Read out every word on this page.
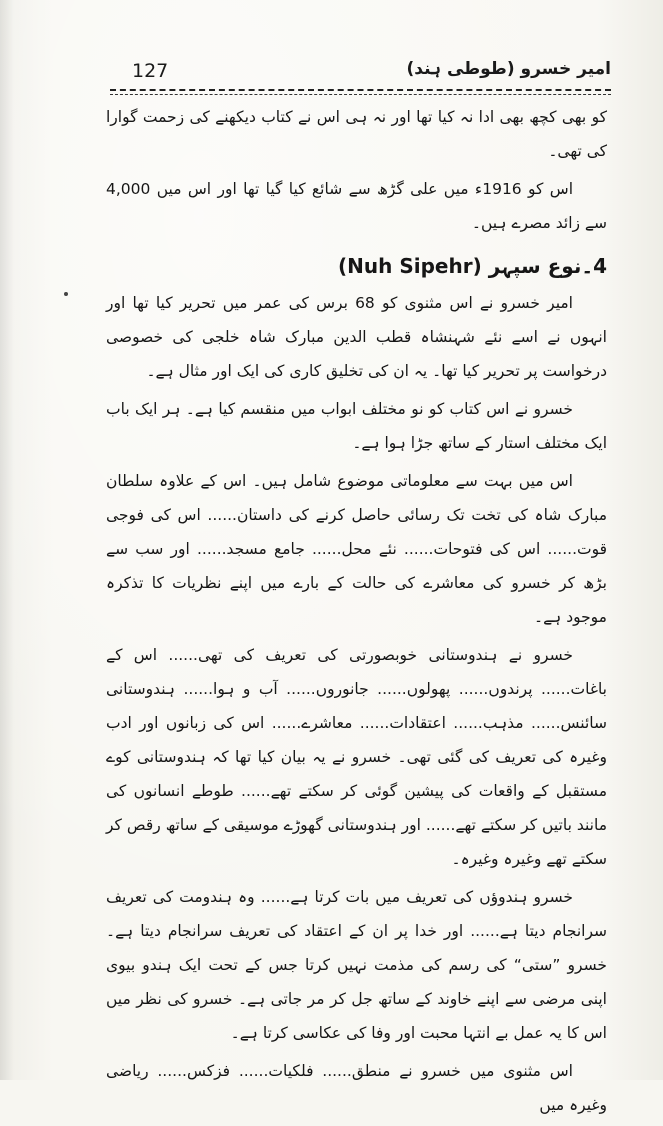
127	امیر خسرو (طوطی ہند)

کو بھی کچھ بھی ادا نہ کیا تھا اور نہ ہی اس نے کتاب دیکھنے کی زحمت گوارا کی تھی۔

اس کو 1916ء میں علی گڑھ سے شائع کیا گیا تھا اور اس میں 4,000 سے زائد مصرے ہیں۔

4۔نوع سپہر (Nuh Sipehr)

امیر خسرو نے اس مثنوی کو 68 برس کی عمر میں تحریر کیا تھا اور انہوں نے اسے نئے شہنشاہ قطب الدین مبارک شاہ خلجی کی خصوصی درخواست پر تحریر کیا تھا۔ یہ ان کی تخلیق کاری کی ایک اور مثال ہے۔

خسرو نے اس کتاب کو نو مختلف ابواب میں منقسم کیا ہے۔ ہر ایک باب ایک مختلف استار کے ساتھ جڑا ہوا ہے۔

اس میں بہت سے معلوماتی موضوع شامل ہیں۔ اس کے علاوہ سلطان مبارک شاہ کی تخت تک رسائی حاصل کرنے کی داستان...... اس کی فوجی قوت...... اس کی فتوحات...... نئے محل...... جامع مسجد...... اور سب سے بڑھ کر خسرو کی معاشرے کی حالت کے بارے میں اپنے نظریات کا تذکرہ موجود ہے۔

خسرو نے ہندوستانی خوبصورتی کی تعریف کی تھی...... اس کے باغات...... پرندوں...... پھولوں...... جانوروں...... آب و ہوا...... ہندوستانی سائنس...... مذہب...... اعتقادات...... معاشرے...... اس کی زبانوں اور ادب وغیرہ کی تعریف کی گئی تھی۔ خسرو نے یہ بیان کیا تھا کہ ہندوستانی کوے مستقبل کے واقعات کی پیشین گوئی کر سکتے تھے...... طوطے انسانوں کی مانند باتیں کر سکتے تھے...... اور ہندوستانی گھوڑے موسیقی کے ساتھ رقص کر سکتے تھے وغیرہ وغیرہ۔

خسرو ہندوؤں کی تعریف میں بات کرتا ہے...... وہ ہندومت کی تعریف سرانجام دیتا ہے...... اور خدا پر ان کے اعتقاد کی تعریف سرانجام دیتا ہے۔ خسرو ”ستی“ کی رسم کی مذمت نہیں کرتا جس کے تحت ایک ہندو بیوی اپنی مرضی سے اپنے خاوند کے ساتھ جل کر مر جاتی ہے۔ خسرو کی نظر میں اس کا یہ عمل بے انتہا محبت اور وفا کی عکاسی کرتا ہے۔

اس مثنوی میں خسرو نے منطق...... فلکیات...... فزکس...... ریاضی وغیرہ میں
